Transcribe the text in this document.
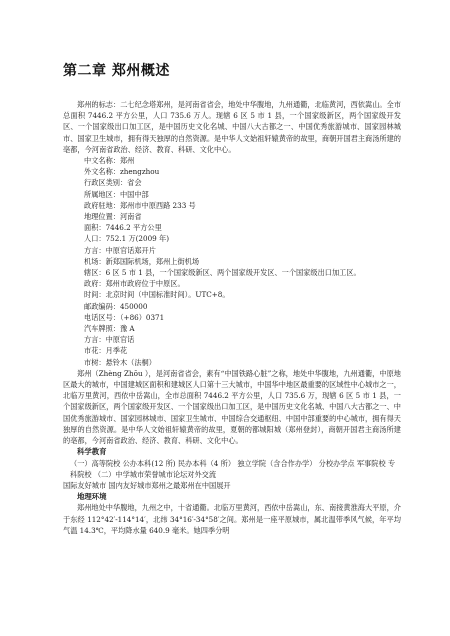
第二章 郑州概述

郑州的标志：二七纪念塔郑州，是河南省省会，地处中华腹地，九州通衢，北临黄河，西依嵩山。全市总面积 7446.2 平方公里，人口 735.6 万人。现辖 6 区 5 市 1 县，一个国家级新区，两个国家级开发区、一个国家级出口加工区，是中国历史文化名城、中国八大古都之一、中国优秀旅游城市、国家园林城市、国家卫生城市，拥有得天独厚的自然资源。是中华人文始祖轩辕黄帝的故里，商朝开国君主商汤所建的亳都，今河南省政治、经济、教育、科研、文化中心。

中文名称：郑州

外文名称：zhengzhou

行政区类别：省会

所属地区：中国中部

政府驻地：郑州市中原西路 233 号

地理位置：河南省

面积：7446.2 平方公里

人口：752.1 万(2009 年)

方言：中原官话郑开片

机场：新郑国际机场，郑州上街机场

辖区：6 区 5 市 1 县，一个国家级新区、两个国家级开发区、一个国家级出口加工区。

政府：郑州市政府位于中原区。

时间：北京时间（中国标准时间）。UTC+8。

邮政编码：450000

电话区号：（+86）0371

汽车牌照：豫 A

方言：中原官话

市花：月季花

市树：悬铃木（法桐）

郑州（Zhèng Zhōu ），是河南省省会，素有“中国铁路心脏”之称，地处中华腹地，九州通衢，中原地区最大的城市，中国建城区面积和建城区人口第十三大城市，中国华中地区最重要的区域性中心城市之一，北临万里黄河，西依中岳嵩山，全市总面积 7446.2 平方公里，人口 735.6 万，现辖 6 区 5 市 1 县，一个国家级新区，两个国家级开发区、一个国家级出口加工区，是中国历史文化名城、中国八大古都之一、中国优秀旅游城市、国家园林城市、国家卫生城市、中国综合交通枢纽、中国中部重要的中心城市，拥有得天独厚的自然资源。是中华人文始祖轩辕黄帝的故里，夏朝的都城阳城（郑州登封），商朝开国君主商汤所建的亳都，今河南省政治、经济、教育、科研、文化中心。

科学教育

（一）高等院校 公办本科(12 所) 民办本科（4 所） 独立学院（含合作办学） 分校办学点 军事院校 专科院校 （二）中学城市荣誉城市论坛对外交流

国际友好城市 国内友好城市郑州之最郑州在中国展开

地理环境

郑州地处中华腹地，九州之中，十省通衢。北临万里黄河，西依中岳嵩山，东、南接黄淮海大平原，介于东经 112°42′-114°14′，北纬 34°16′-34°58′之间。郑州是一座平原城市，属北温带季风气候，年平均气温 14.3℃，平均降水量 640.9 毫米。她四季分明
